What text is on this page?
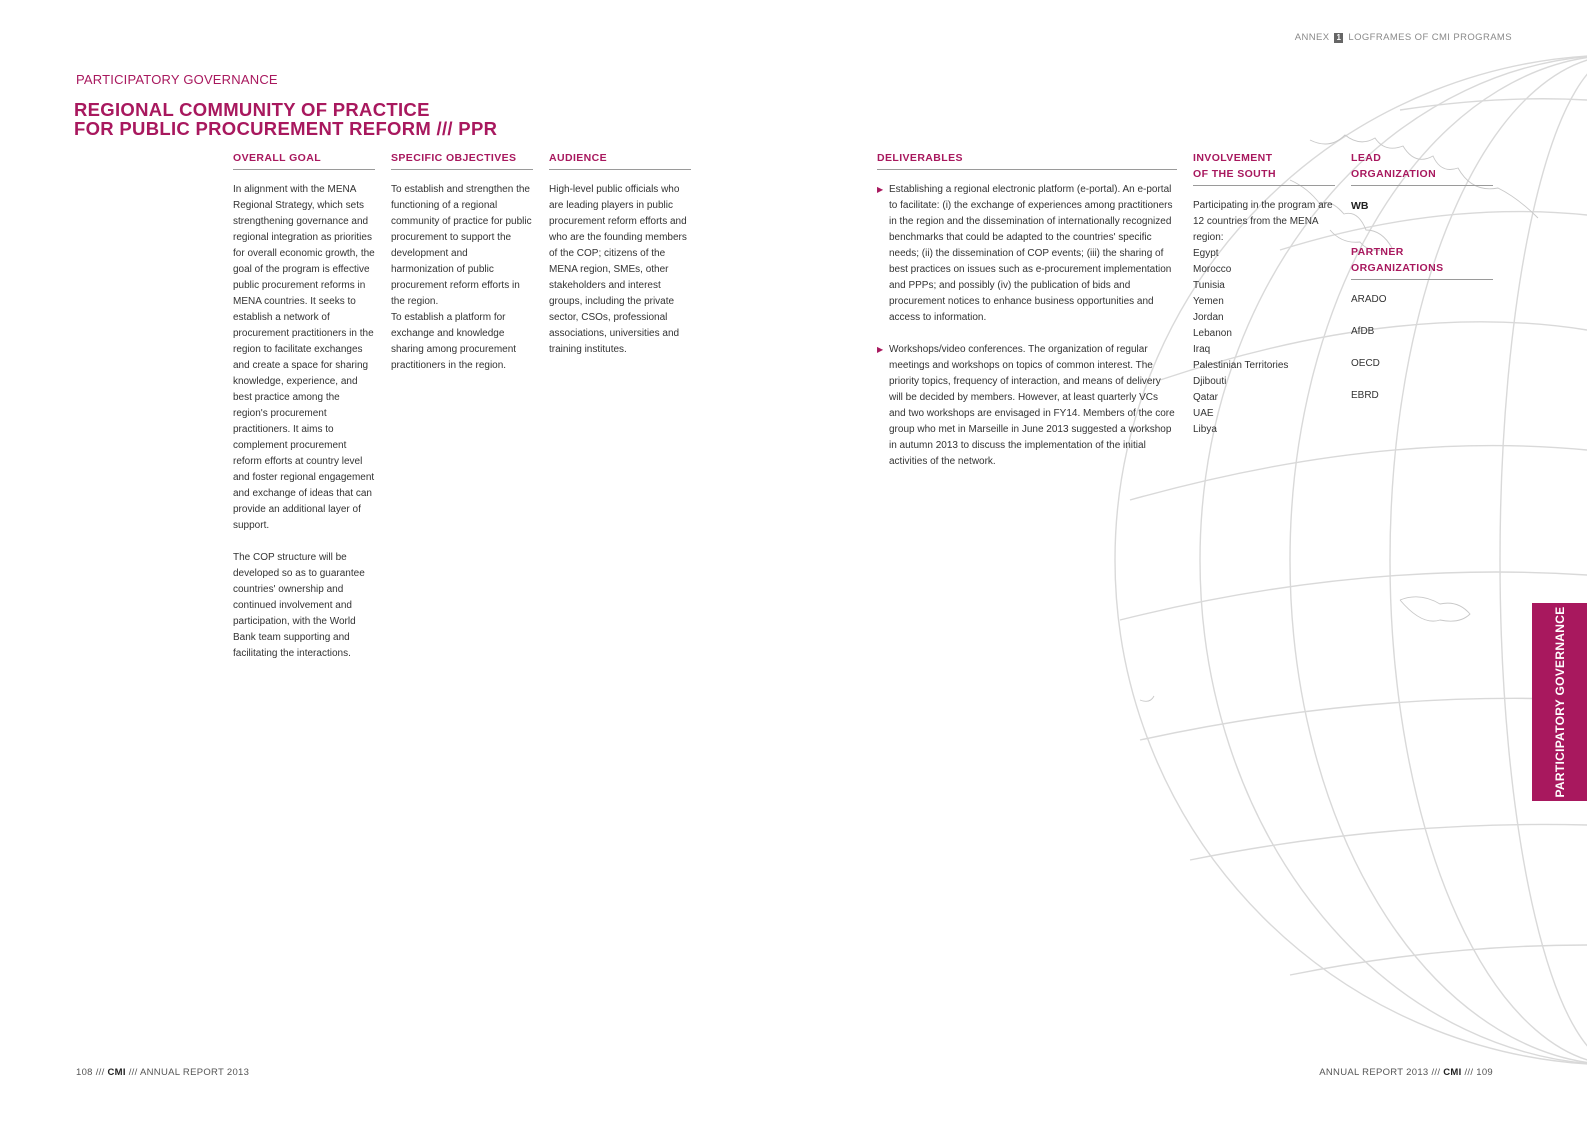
ANNEX 1 LOGFRAMES OF CMI PROGRAMS
PARTICIPATORY GOVERNANCE
REGIONAL COMMUNITY OF PRACTICE
FOR PUBLIC PROCUREMENT REFORM /// PPR
OVERALL GOAL

In alignment with the MENA Regional Strategy, which sets strengthening governance and regional integration as priorities for overall economic growth, the goal of the program is effective public procurement reforms in MENA countries. It seeks to establish a network of procurement practitioners in the region to facilitate exchanges and create a space for sharing knowledge, experience, and best practice among the region's procurement practitioners. It aims to complement procurement reform efforts at country level and foster regional engagement and exchange of ideas that can provide an additional layer of support.

The COP structure will be developed so as to guarantee countries' ownership and continued involvement and participation, with the World Bank team supporting and facilitating the interactions.

SPECIFIC OBJECTIVES
To establish and strengthen the functioning of a regional community of practice for public procurement to support the development and harmonization of public procurement reform efforts in the region.
To establish a platform for exchange and knowledge sharing among procurement practitioners in the region.
AUDIENCE
High-level public officials who are leading players in public procurement reform efforts and who are the founding members of the COP; citizens of the MENA region, SMEs, other stakeholders and interest groups, including the private sector, CSOs, professional associations, universities and training institutes.
DELIVERABLES
▶ Establishing a regional electronic platform (e-portal). An e-portal to facilitate: (i) the exchange of experiences among practitioners in the region and the dissemination of internationally recognized benchmarks that could be adapted to the countries' specific needs; (ii) the dissemination of COP events; (iii) the sharing of best practices on issues such as e-procurement implementation and PPPs; and possibly (iv) the publication of bids and procurement notices to enhance business opportunities and access to information.
▶ Workshops/video conferences. The organization of regular meetings and workshops on topics of common interest. The priority topics, frequency of interaction, and means of delivery will be decided by members. However, at least quarterly VCs and two workshops are envisaged in FY14. Members of the core group who met in Marseille in June 2013 suggested a workshop in autumn 2013 to discuss the implementation of the initial activities of the network.
INVOLVEMENT
OF THE SOUTH
Participating in the program are 12 countries from the MENA region:
Egypt
Morocco
Tunisia
Yemen
Jordan
Lebanon
Iraq
Palestinian Territories
Djibouti
Qatar
UAE
Libya
LEAD
ORGANIZATION
WB
PARTNER
ORGANIZATIONS
ARADO
AfDB
OECD
EBRD
PARTICIPATORY GOVERNANCE
108 /// CMI /// ANNUAL REPORT 2013	ANNUAL REPORT 2013 /// CMI /// 109
